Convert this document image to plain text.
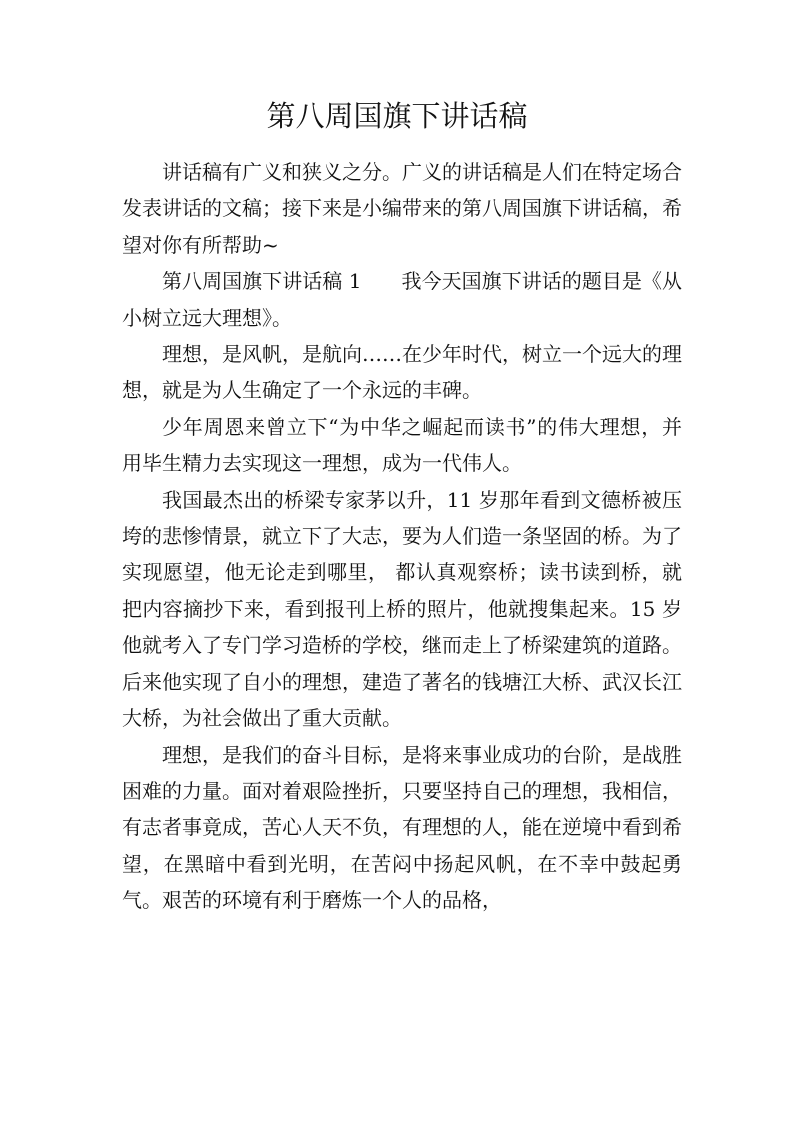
第八周国旗下讲话稿

讲话稿有广义和狭义之分。广义的讲话稿是人们在特定场合发表讲话的文稿；接下来是小编带来的第八周国旗下讲话稿，希望对你有所帮助~

第八周国旗下讲话稿 1　　我今天国旗下讲话的题目是《从小树立远大理想》。

理想，是风帆，是航向……在少年时代，树立一个远大的理想，就是为人生确定了一个永远的丰碑。

少年周恩来曾立下“为中华之崛起而读书”的伟大理想，并用毕生精力去实现这一理想，成为一代伟人。

我国最杰出的桥梁专家茅以升，11 岁那年看到文德桥被压垮的悲惨情景，就立下了大志，要为人们造一条坚固的桥。为了实现愿望，他无论走到哪里， 都认真观察桥；读书读到桥，就把内容摘抄下来，看到报刊上桥的照片，他就搜集起来。15 岁他就考入了专门学习造桥的学校，继而走上了桥梁建筑的道路。后来他实现了自小的理想，建造了著名的钱塘江大桥、武汉长江大桥，为社会做出了重大贡献。

理想，是我们的奋斗目标，是将来事业成功的台阶，是战胜困难的力量。面对着艰险挫折，只要坚持自己的理想，我相信，有志者事竟成，苦心人天不负，有理想的人，能在逆境中看到希望，在黑暗中看到光明，在苦闷中扬起风帆，在不幸中鼓起勇气。艰苦的环境有利于磨炼一个人的品格，
